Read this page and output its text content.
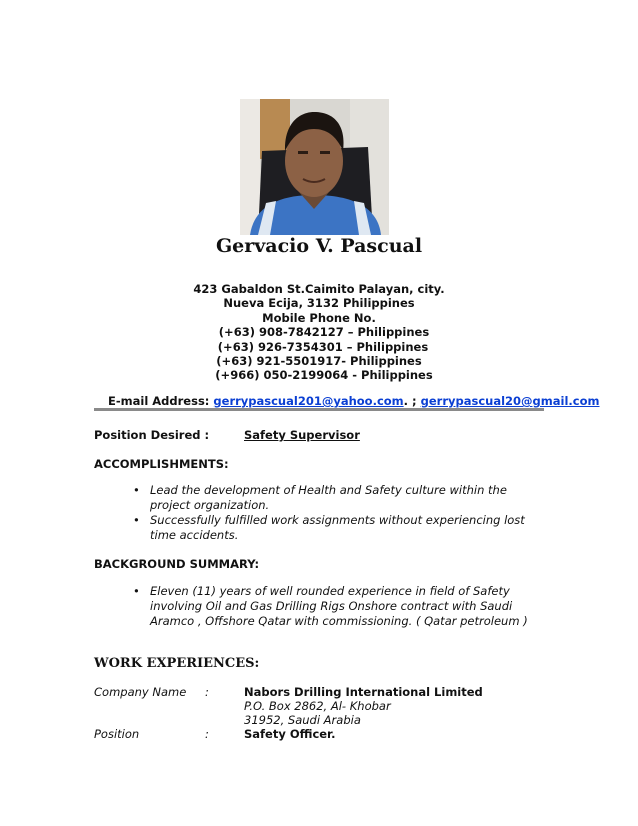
Gervacio V. Pascual
423 Gabaldon St.Caimito Palayan, city.
Nueva Ecija, 3132 Philippines
Mobile Phone No.
(+63) 908-7842127 – Philippines
(+63) 926-7354301 – Philippines
(+63) 921-5501917- Philippines
(+966) 050-2199064 - Philippines
E-mail Address: gerrypascual201@yahoo.com. ; gerrypascual20@gmail.com
Position Desired :	Safety Supervisor
ACCOMPLISHMENTS:
• Lead the development of Health and Safety culture within the project organization.
• Successfully fulfilled work assignments without experiencing lost time accidents.
BACKGROUND SUMMARY:
• Eleven (11) years of well rounded experience in field of Safety involving Oil and Gas Drilling Rigs Onshore contract with Saudi Aramco , Offshore Qatar with commissioning. ( Qatar petroleum )
WORK EXPERIENCES:
Company Name :	Nabors Drilling International Limited
P.O. Box 2862, Al- Khobar
31952, Saudi Arabia
Position	:	Safety Officer.
